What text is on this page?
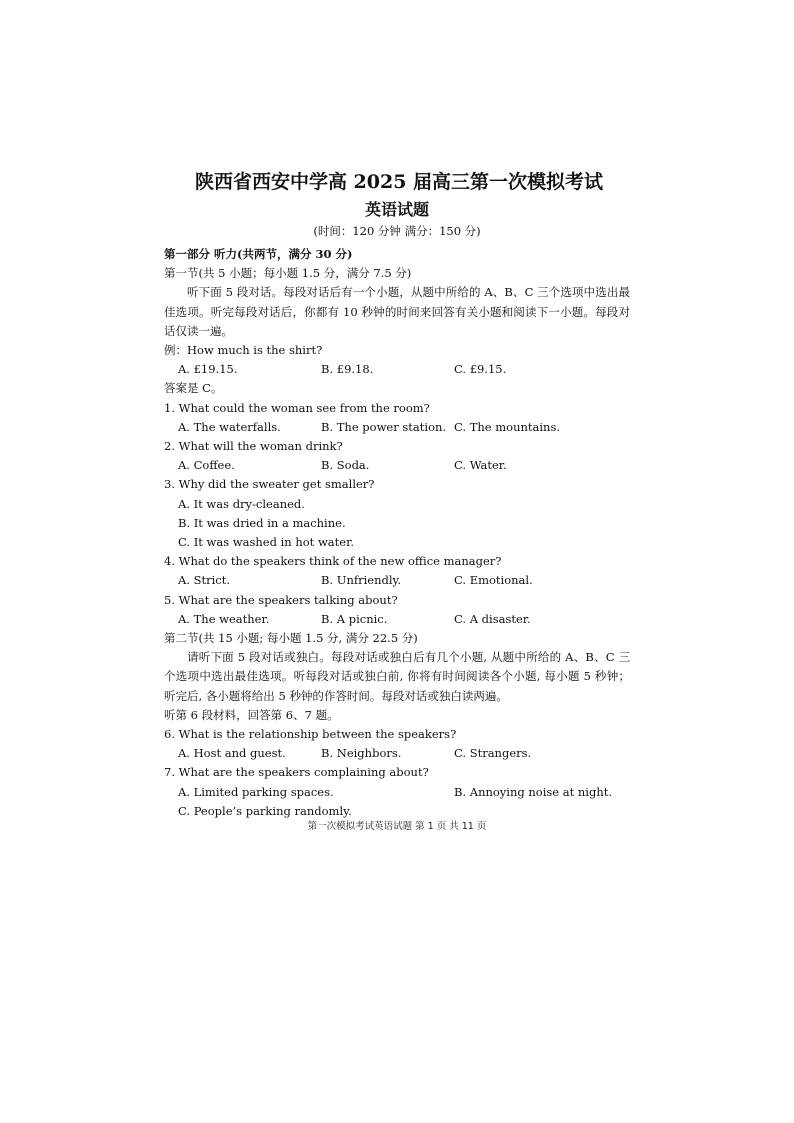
陕西省西安中学高 2025 届高三第一次模拟考试
英语试题
(时间：120 分钟 满分：150 分)
第一部分 听力(共两节，满分 30 分)
第一节(共 5 小题；每小题 1.5 分，满分 7.5 分)
听下面 5 段对话。每段对话后有一个小题，从题中所给的 A、B、C 三个选项中选出最佳选项。听完每段对话后，你都有 10 秒钟的时间来回答有关小题和阅读下一小题。每段对话仅读一遍。
例：How much is the shirt?
A. £19.15.	B. £9.18.	C. £9.15.
答案是 C。
1. What could the woman see from the room?
A. The waterfalls.	B. The power station. C. The mountains.
2. What will the woman drink?
A. Coffee.	B. Soda.	C. Water.
3. Why did the sweater get smaller?
A. It was dry-cleaned.
B. It was dried in a machine.
C. It was washed in hot water.
4. What do the speakers think of the new office manager?
A. Strict.	B. Unfriendly.	C. Emotional.
5. What are the speakers talking about?
A. The weather.	B. A picnic.	C. A disaster.
第二节(共 15 小题; 每小题 1.5 分, 满分 22.5 分)
请听下面 5 段对话或独白。每段对话或独白后有几个小题, 从题中所给的 A、B、C 三个选项中选出最佳选项。听每段对话或独白前, 你将有时间阅读各个小题, 每小题 5 秒钟；听完后, 各小题将给出 5 秒钟的作答时间。每段对话或独白读两遍。
听第 6 段材料，回答第 6、7 题。
6. What is the relationship between the speakers?
A. Host and guest.	B. Neighbors.	C. Strangers.
7. What are the speakers complaining about?
A. Limited parking spaces.	B. Annoying noise at night.
C. People’s parking randomly.
第一次模拟考试英语试题 第 1 页 共 11 页
